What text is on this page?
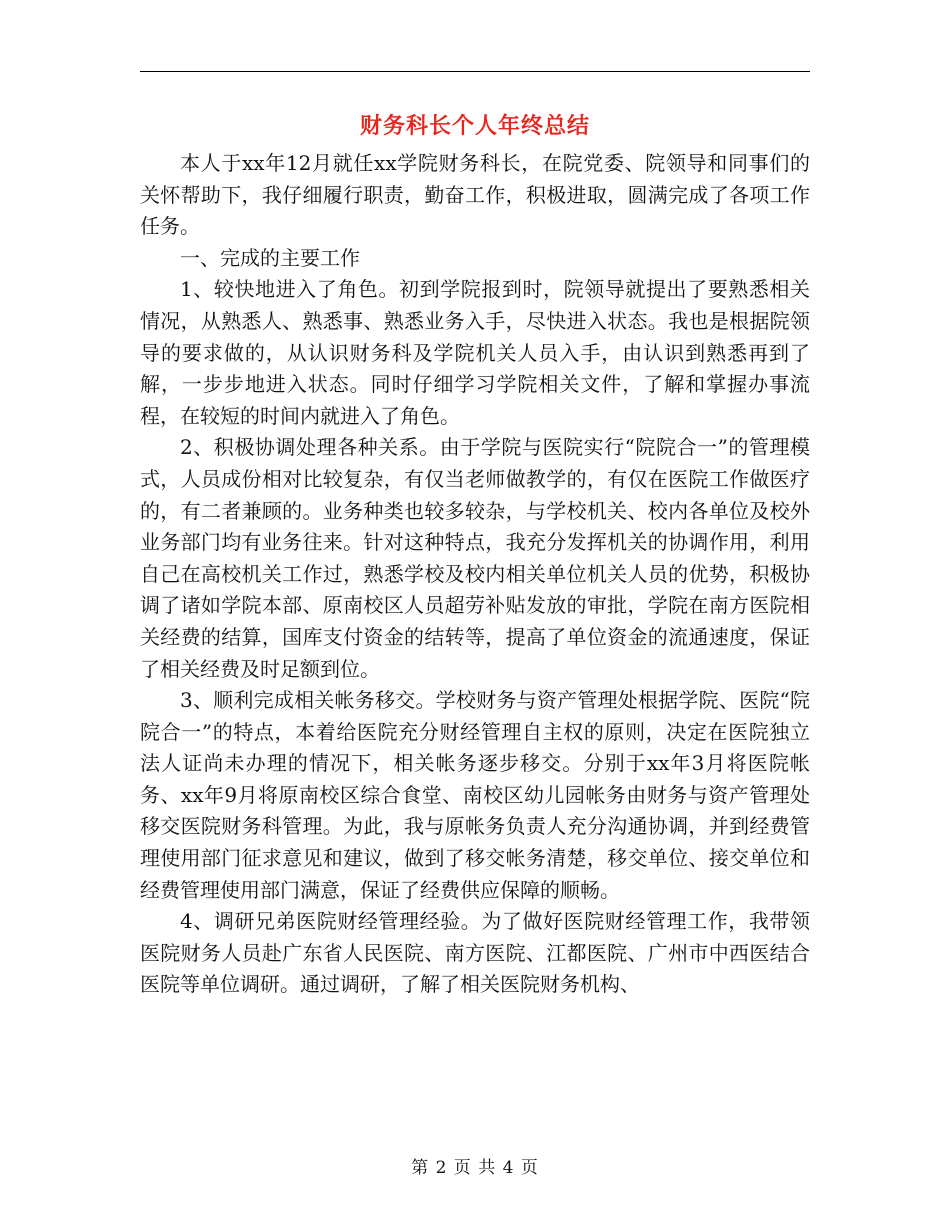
财务科长个人年终总结

本人于xx年12月就任xx学院财务科长，在院党委、院领导和同事们的关怀帮助下，我仔细履行职责，勤奋工作，积极进取，圆满完成了各项工作任务。

一、完成的主要工作

1、较快地进入了角色。初到学院报到时，院领导就提出了要熟悉相关情况，从熟悉人、熟悉事、熟悉业务入手，尽快进入状态。我也是根据院领导的要求做的，从认识财务科及学院机关人员入手，由认识到熟悉再到了解，一步步地进入状态。同时仔细学习学院相关文件，了解和掌握办事流程，在较短的时间内就进入了角色。

2、积极协调处理各种关系。由于学院与医院实行“院院合一”的管理模式，人员成份相对比较复杂，有仅当老师做教学的，有仅在医院工作做医疗的，有二者兼顾的。业务种类也较多较杂，与学校机关、校内各单位及校外业务部门均有业务往来。针对这种特点，我充分发挥机关的协调作用，利用自己在高校机关工作过，熟悉学校及校内相关单位机关人员的优势，积极协调了诸如学院本部、原南校区人员超劳补贴发放的审批，学院在南方医院相关经费的结算，国库支付资金的结转等，提高了单位资金的流通速度，保证了相关经费及时足额到位。

3、顺利完成相关帐务移交。学校财务与资产管理处根据学院、医院“院院合一”的特点，本着给医院充分财经管理自主权的原则，决定在医院独立法人证尚未办理的情况下，相关帐务逐步移交。分别于xx年3月将医院帐务、xx年9月将原南校区综合食堂、南校区幼儿园帐务由财务与资产管理处移交医院财务科管理。为此，我与原帐务负责人充分沟通协调，并到经费管理使用部门征求意见和建议，做到了移交帐务清楚，移交单位、接交单位和经费管理使用部门满意，保证了经费供应保障的顺畅。

4、调研兄弟医院财经管理经验。为了做好医院财经管理工作，我带领医院财务人员赴广东省人民医院、南方医院、江都医院、广州市中西医结合医院等单位调研。通过调研，了解了相关医院财务机构、

第 2 页 共 4 页
